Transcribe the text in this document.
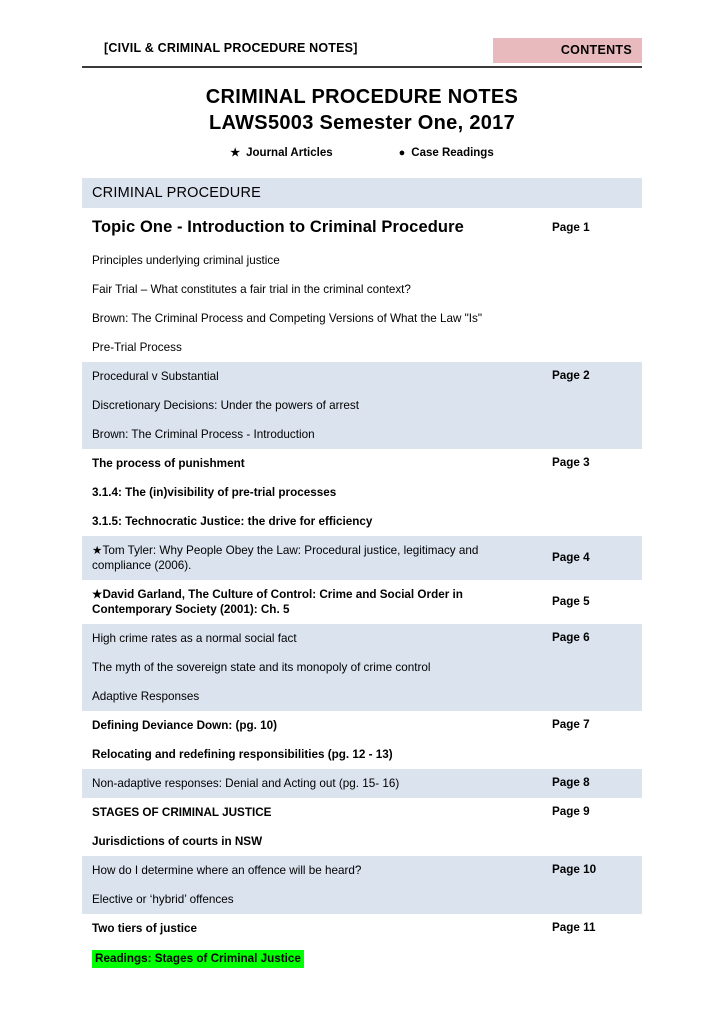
[CIVIL & CRIMINAL PROCEDURE NOTES]	CONTENTS
CRIMINAL PROCEDURE NOTES
LAWS5003 Semester One, 2017
★ Journal Articles	● Case Readings
CRIMINAL PROCEDURE
Topic One - Introduction to Criminal Procedure	Page 1
Principles underlying criminal justice
Fair Trial – What constitutes a fair trial in the criminal context?
Brown: The Criminal Process and Competing Versions of What the Law "Is"
Pre-Trial Process
Procedural v Substantial	Page 2
Discretionary Decisions: Under the powers of arrest
Brown: The Criminal Process - Introduction
The process of punishment	Page 3
3.1.4: The (in)visibility of pre-trial processes
3.1.5: Technocratic Justice: the drive for efficiency
★Tom Tyler: Why People Obey the Law: Procedural justice, legitimacy and compliance (2006).
Page 4
★David Garland, The Culture of Control: Crime and Social Order in Contemporary Society (2001): Ch. 5
Page 5
High crime rates as a normal social fact	Page 6
The myth of the sovereign state and its monopoly of crime control
Adaptive Responses
Defining Deviance Down: (pg. 10)	Page 7
Relocating and redefining responsibilities (pg. 12 - 13)
Non-adaptive responses: Denial and Acting out (pg. 15- 16)	Page 8
STAGES OF CRIMINAL JUSTICE	Page 9
Jurisdictions of courts in NSW
How do I determine where an offence will be heard?	Page 10
Elective or ‘hybrid’ offences
Two tiers of justice	Page 11
Readings: Stages of Criminal Justice
